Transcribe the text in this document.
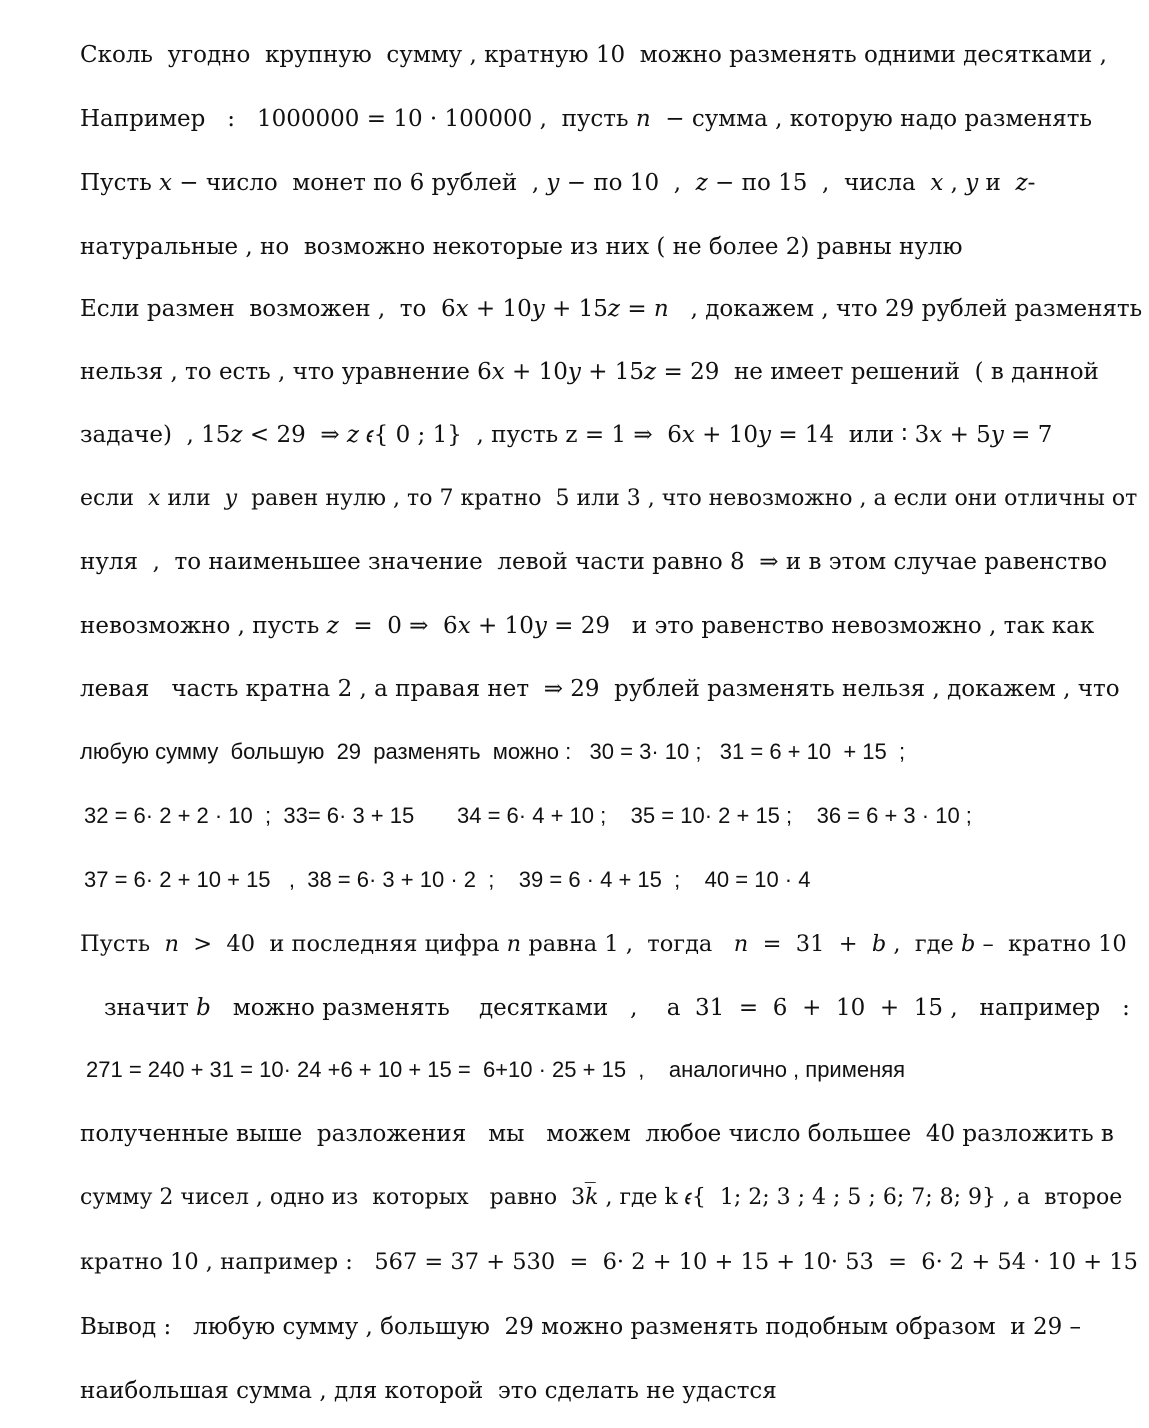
Сколь  угодно  крупную  сумму , кратную 10  можно разменять одними десятками ,
Например   :   1000000 = 10 · 100000 ,  пусть 𝑛  − сумма , которую надо разменять
Пусть 𝑥 − число  монет по 6 рублей  , 𝑦 − по 10  ,  𝑧 − по 15  ,  числа  𝑥 , 𝑦 и  𝑧-
натуральные , но  возможно некоторые из них ( не более 2) равны нулю
Если размен  возможен ,  то  6𝑥 + 10𝑦 + 15𝑧 = 𝑛   , докажем , что 29 рублей разменять
нельзя , то есть , что уравнение 6𝑥 + 10𝑦 + 15𝑧 = 29  не имеет решений  ( в данной
задаче)  , 15𝑧 < 29  ⇒ 𝑧 𝜖{ 0 ; 1}  , пусть z = 1 ⇒  6𝑥 + 10𝑦 = 14  или ∶ 3𝑥 + 5𝑦 = 7
если  𝑥 или  𝑦  равен нулю , то 7 кратно  5 или 3 , что невозможно , а если они отличны от
нуля  ,  то наименьшее значение  левой части равно 8  ⇒ и в этом случае равенство
невозможно , пусть 𝑧  =  0 ⇒  6𝑥 + 10𝑦 = 29   и это равенство невозможно , так как
левая   часть кратна 2 , а правая нет  ⇒ 29  рублей разменять нельзя , докажем , что
любую сумму  большую  29  разменять  можно :   30 = 3· 10 ;   31 = 6 + 10  + 15  ;
32 = 6· 2 + 2 · 10  ;  33= 6· 3 + 15       34 = 6· 4 + 10 ;    35 = 10· 2 + 15 ;    36 = 6 + 3 · 10 ;
37 = 6· 2 + 10 + 15   ,  38 = 6· 3 + 10 · 2  ;    39 = 6 · 4 + 15  ;    40 = 10 · 4
Пусть  𝑛  >  40  и последняя цифра 𝑛 равна 1 ,  тогда   𝑛  =  31  +  𝑏 ,  где 𝑏 –  кратно 10
значит 𝑏   можно разменять    десятками   ,    а  31  =  6  +  10  +  15 ,   например   :
271 = 240 + 31 = 10· 24 +6 + 10 + 15 =  6+10 · 25 + 15  ,    аналогично , применяя
полученные выше  разложения   мы   можем  любое число большее  40 разложить в
сумму 2 чисел , одно из  которых   равно  3𝑘̅ , где k 𝜖{  1; 2; 3 ; 4 ; 5 ; 6; 7; 8; 9} , а  второе
кратно 10 , например :   567 = 37 + 530  =  6· 2 + 10 + 15 + 10· 53  =  6· 2 + 54 · 10 + 15
Вывод :   любую сумму , большую  29 можно разменять подобным образом  и 29 –
наибольшая сумма , для которой  это сделать не удастся
